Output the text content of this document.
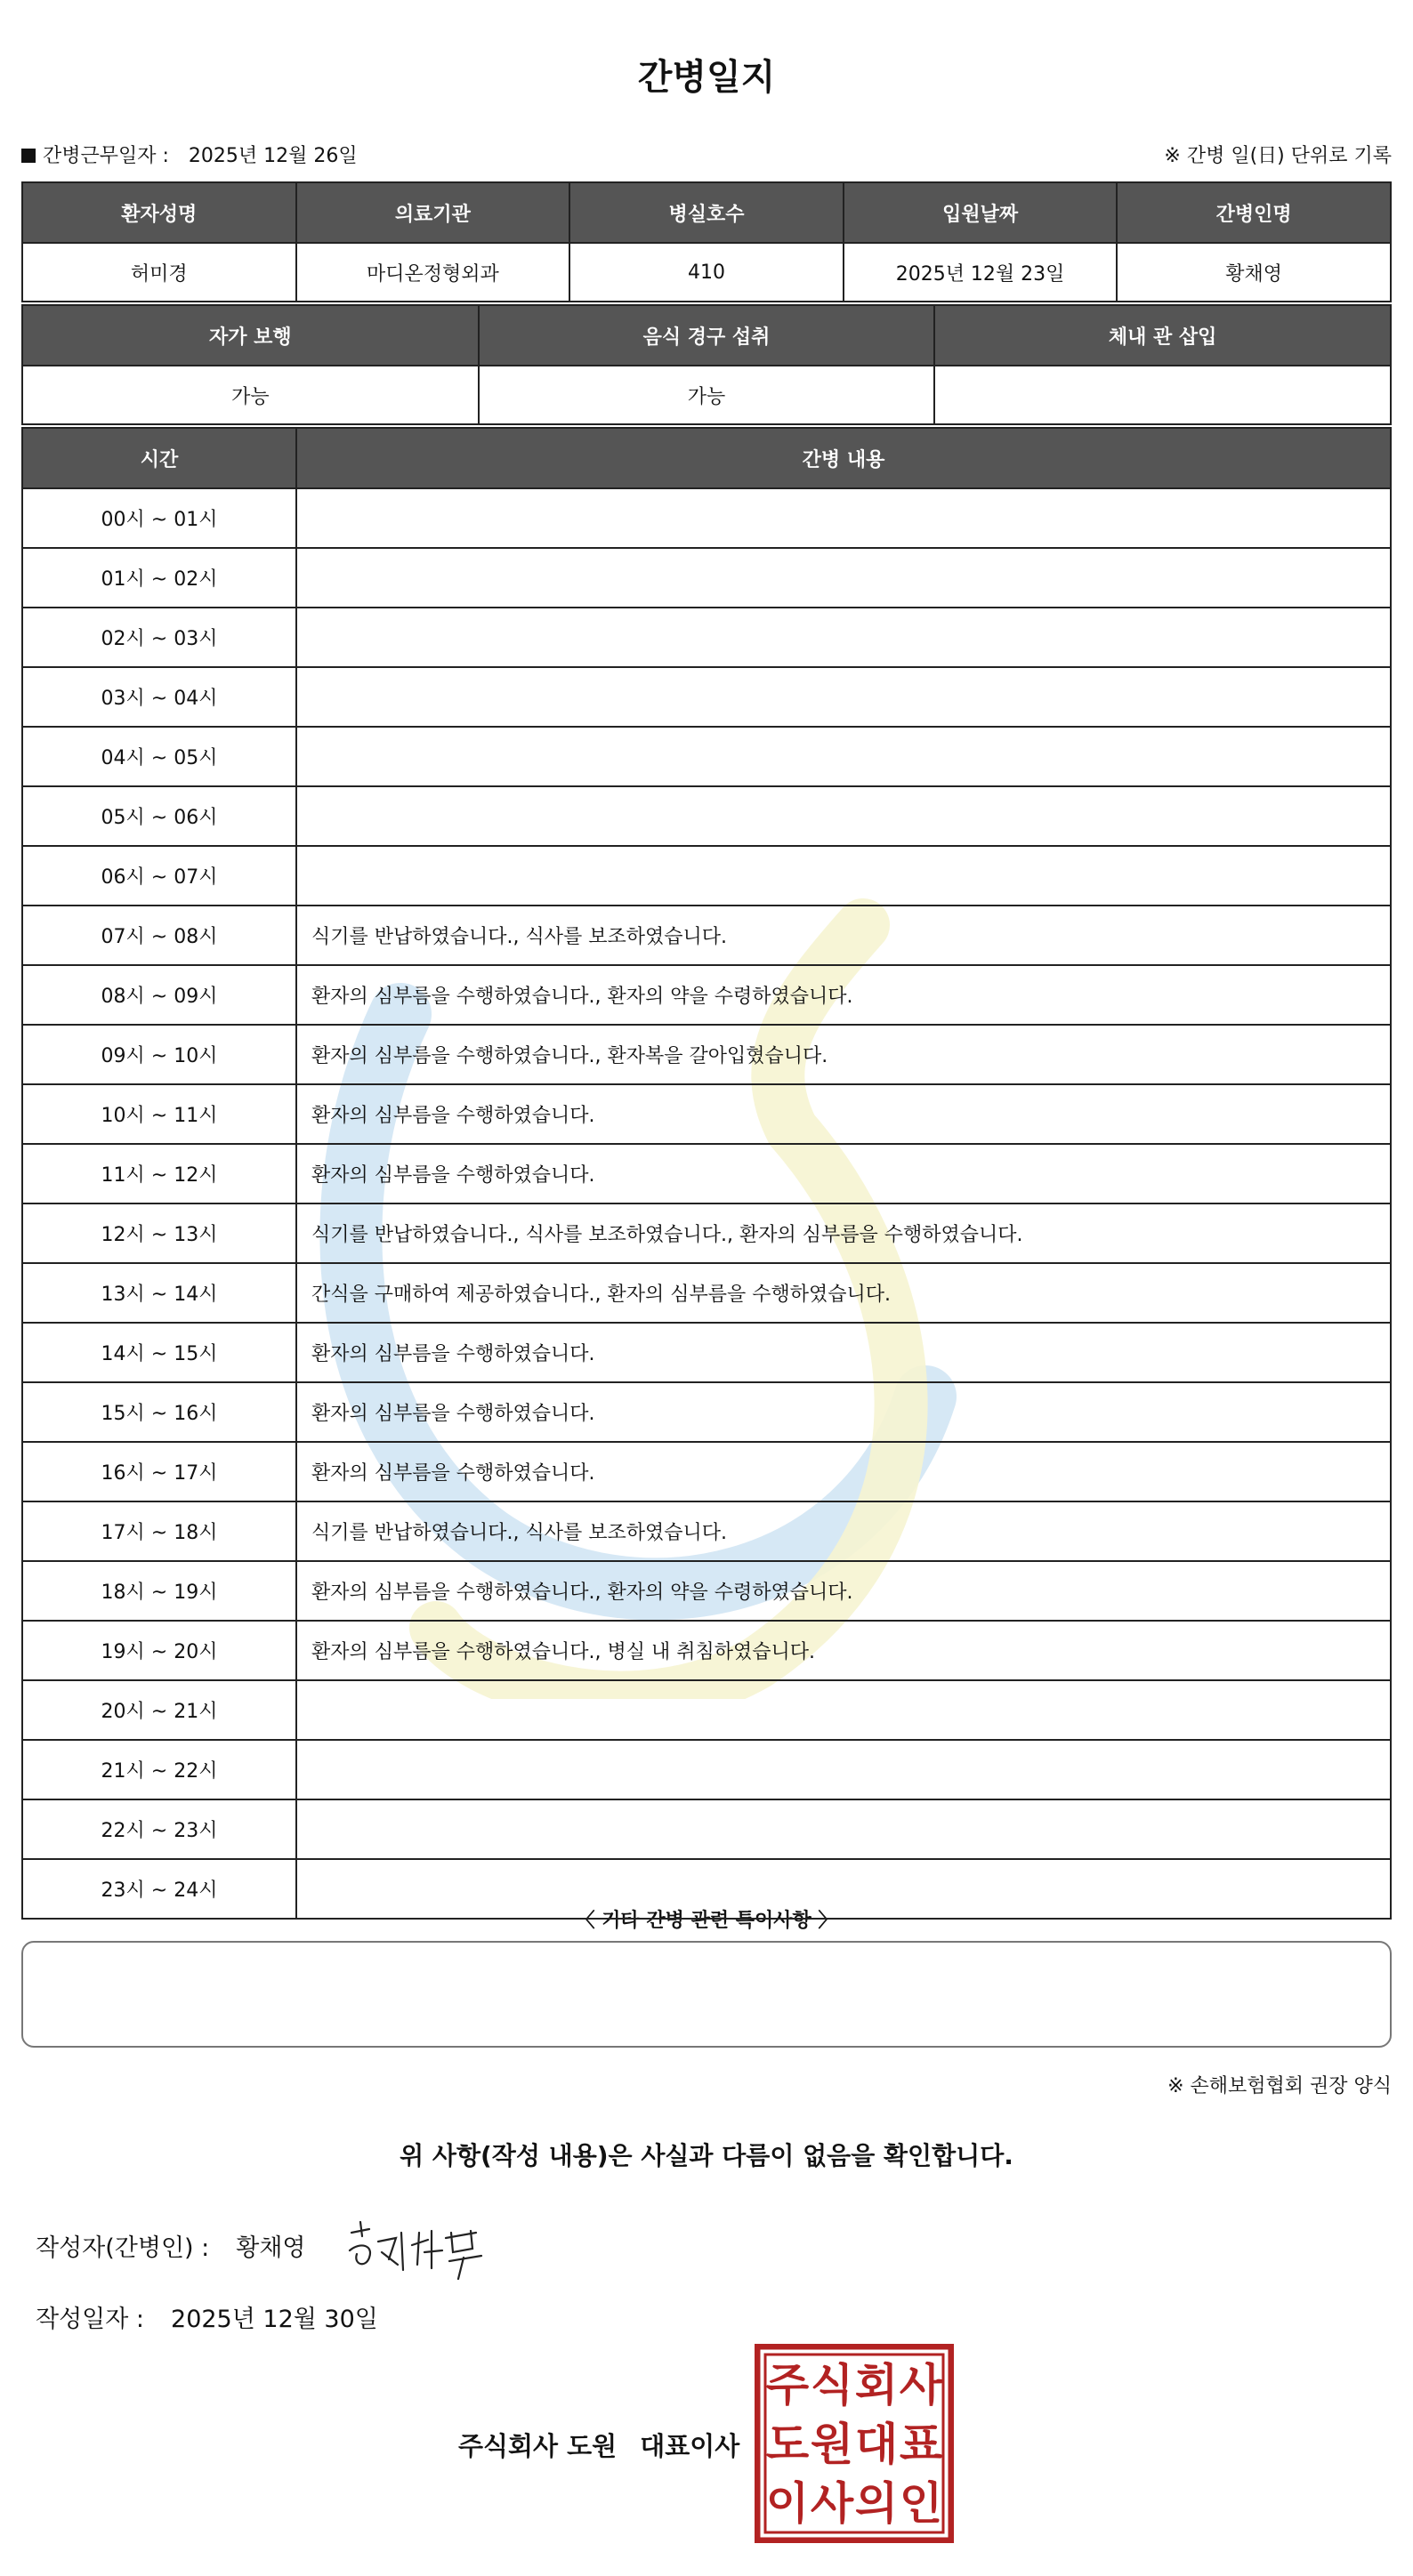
간병일지
간병근무일자 : 2025년 12월 26일	※ 간병 일(日) 단위로 기록
환자성명	의료기관	병실호수	입원날짜	간병인명
허미경	마디온정형외과	410	2025년 12월 23일	황채영
자가 보행	음식 경구 섭취	체내 관 삽입
가능	가능	
시간	간병 내용
00시 ~ 01시	
01시 ~ 02시	
02시 ~ 03시	
03시 ~ 04시	
04시 ~ 05시	
05시 ~ 06시	
06시 ~ 07시	
07시 ~ 08시	식기를 반납하였습니다., 식사를 보조하였습니다.
08시 ~ 09시	환자의 심부름을 수행하였습니다., 환자의 약을 수령하였습니다.
09시 ~ 10시	환자의 심부름을 수행하였습니다., 환자복을 갈아입혔습니다.
10시 ~ 11시	환자의 심부름을 수행하였습니다.
11시 ~ 12시	환자의 심부름을 수행하였습니다.
12시 ~ 13시	식기를 반납하였습니다., 식사를 보조하였습니다., 환자의 심부름을 수행하였습니다.
13시 ~ 14시	간식을 구매하여 제공하였습니다., 환자의 심부름을 수행하였습니다.
14시 ~ 15시	환자의 심부름을 수행하였습니다.
15시 ~ 16시	환자의 심부름을 수행하였습니다.
16시 ~ 17시	환자의 심부름을 수행하였습니다.
17시 ~ 18시	식기를 반납하였습니다., 식사를 보조하였습니다.
18시 ~ 19시	환자의 심부름을 수행하였습니다., 환자의 약을 수령하였습니다.
19시 ~ 20시	환자의 심부름을 수행하였습니다., 병실 내 취침하였습니다.
20시 ~ 21시	
21시 ~ 22시	
22시 ~ 23시	
23시 ~ 24시	
〈 기타 간병 관련 특이사항 〉
※ 손해보험협회 권장 양식
위 사항(작성 내용)은 사실과 다름이 없음을 확인합니다.
작성자(간병인) : 황채영
작성일자 : 2025년 12월 30일
주식회사 도원 대표이사
주 식 회 사
도 원 대 표
이 사 의 인
